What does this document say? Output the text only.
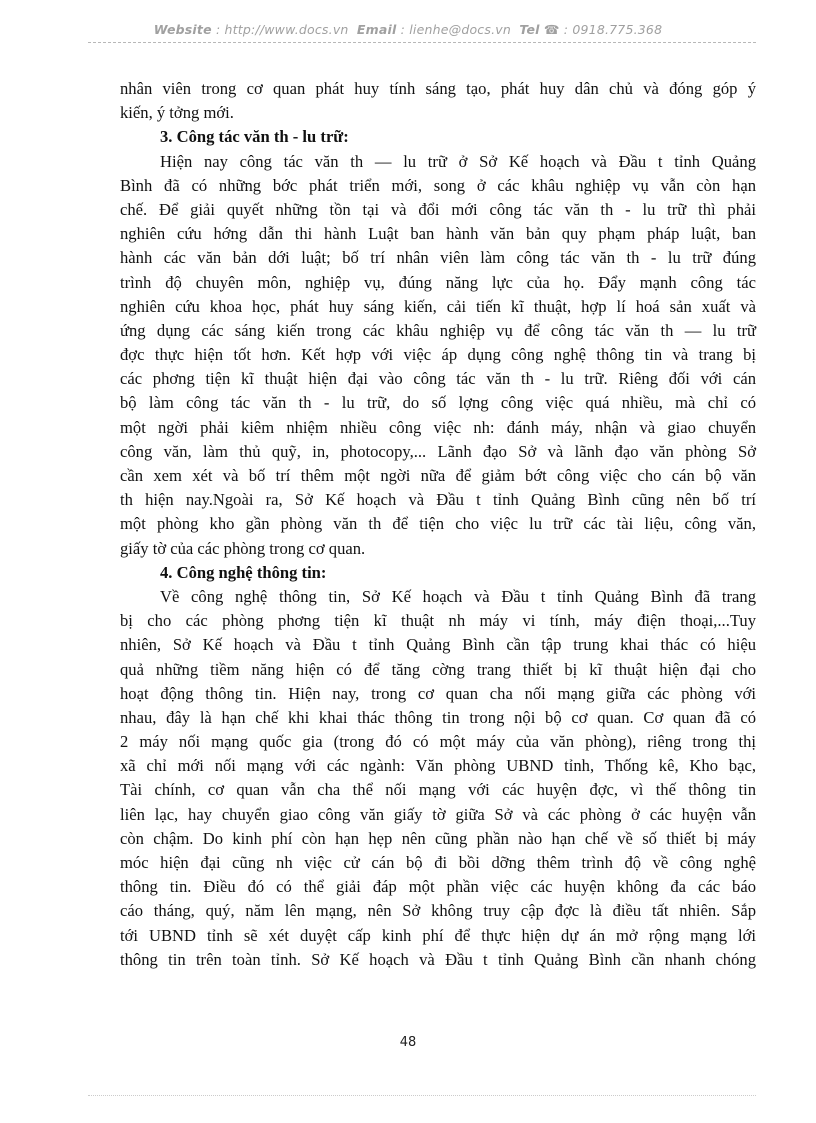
Website : http://www.docs.vn Email : lienhe@docs.vn Tel ☎ : 0918.775.368
nhân viên trong cơ quan phát huy tính sáng tạo, phát huy dân chủ và đóng góp ý
kiến, ý tởng mới.
3. Công tác văn th - lu trữ:
Hiện nay công tác văn th — lu trữ ở Sở Kế hoạch và Đầu t tỉnh Quảng
Bình đã có những bớc phát triển mới, song ở các khâu nghiệp vụ vẫn còn hạn
chế. Để giải quyết những tồn tại và đổi mới công tác văn th - lu trữ thì phải
nghiên cứu hớng dẫn thi hành Luật ban hành văn bản quy phạm pháp luật, ban
hành các văn bản dới luật; bố trí nhân viên làm công tác văn th - lu trữ đúng
trình độ chuyên môn, nghiệp vụ, đúng năng lực của họ. Đẩy mạnh công tác
nghiên cứu khoa học, phát huy sáng kiến, cải tiến kĩ thuật, hợp lí hoá sản xuất và
ứng dụng các sáng kiến trong các khâu nghiệp vụ để công tác văn th — lu trữ
đợc thực hiện tốt hơn. Kết hợp với việc áp dụng công nghệ thông tin và trang bị
các phơng tiện kĩ thuật hiện đại vào công tác văn th - lu trữ. Riêng đối với cán
bộ làm công tác văn th - lu trữ, do số lợng công việc quá nhiều, mà chỉ có
một ngời phải kiêm nhiệm nhiều công việc nh: đánh máy, nhận và giao chuyển
công văn, làm thủ quỹ, in, photocopy,... Lãnh đạo Sở và lãnh đạo văn phòng Sở
cần xem xét và bố trí thêm một ngời nữa để giảm bớt công việc cho cán bộ văn
th hiện nay.Ngoài ra, Sở Kế hoạch và Đầu t tỉnh Quảng Bình cũng nên bố trí
một phòng kho gần phòng văn th để tiện cho việc lu trữ các tài liệu, công văn,
giấy tờ của các phòng trong cơ quan.
4. Công nghệ thông tin:
Về công nghệ thông tin, Sở Kế hoạch và Đầu t tỉnh Quảng Bình đã trang
bị cho các phòng phơng tiện kĩ thuật nh máy vi tính, máy điện thoại,...Tuy
nhiên, Sở Kế hoạch và Đầu t tỉnh Quảng Bình cần tập trung khai thác có hiệu
quả những tiềm năng hiện có để tăng cờng trang thiết bị kĩ thuật hiện đại cho
hoạt động thông tin. Hiện nay, trong cơ quan cha nối mạng giữa các phòng với
nhau, đây là hạn chế khi khai thác thông tin trong nội bộ cơ quan. Cơ quan đã có
2 máy nối mạng quốc gia (trong đó có một máy của văn phòng), riêng trong thị
xã chỉ mới nối mạng với các ngành: Văn phòng UBND tỉnh, Thống kê, Kho bạc,
Tài chính, cơ quan vẫn cha thể nối mạng với các huyện đợc, vì thế thông tin
liên lạc, hay chuyển giao công văn giấy tờ giữa Sở và các phòng ở các huyện vẫn
còn chậm. Do kinh phí còn hạn hẹp nên cũng phần nào hạn chế về số thiết bị máy
móc hiện đại cũng nh việc cử cán bộ đi bồi dỡng thêm trình độ về công nghệ
thông tin. Điều đó có thể giải đáp một phần việc các huyện không đa các báo
cáo tháng, quý, năm lên mạng, nên Sở không truy cập đợc là điều tất nhiên. Sắp
tới UBND tỉnh sẽ xét duyệt cấp kinh phí để thực hiện dự án mở rộng mạng lới
thông tin trên toàn tỉnh. Sở Kế hoạch và Đầu t tỉnh Quảng Bình cần nhanh chóng
48
